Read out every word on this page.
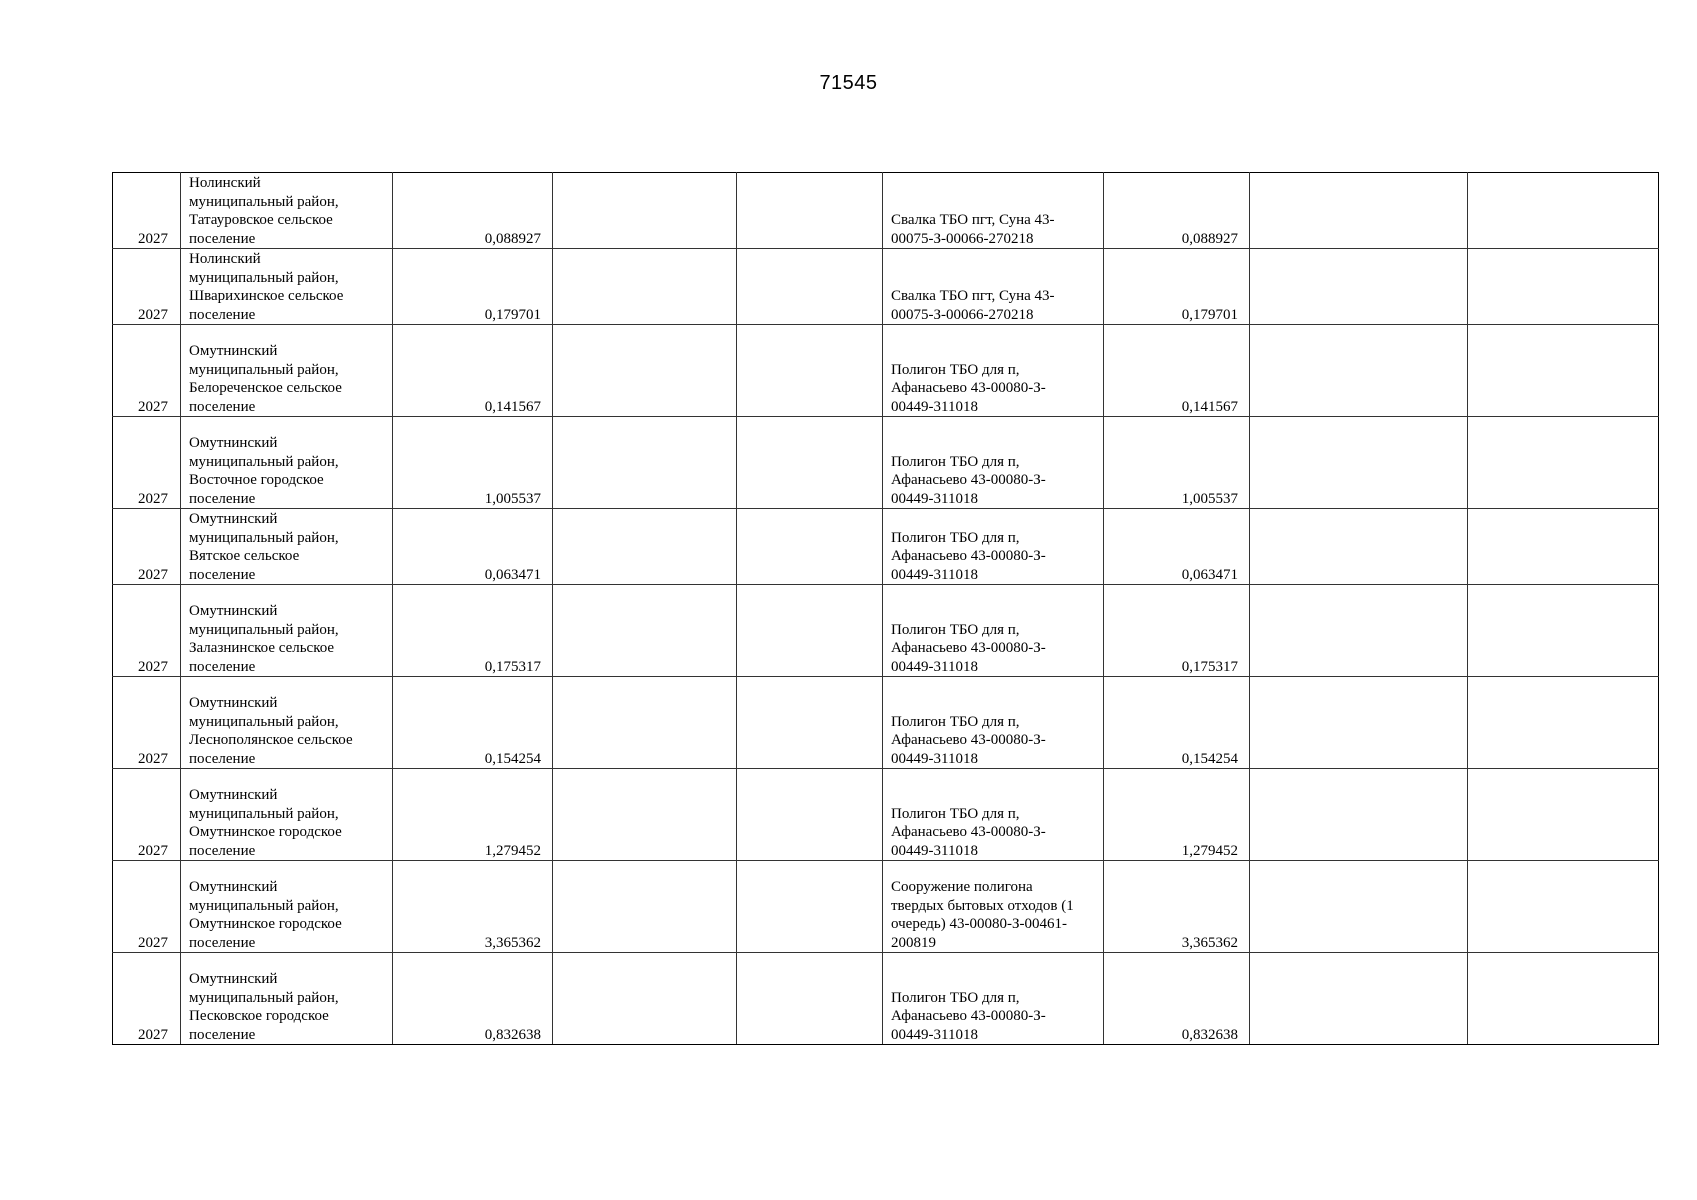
71545
2027	Нолинский
муниципальный район,
Татауровское сельское
поселение	0,088927			Свалка ТБО пгт, Суна 43-
00075-З-00066-270218	0,088927		
2027	Нолинский
муниципальный район,
Шварихинское сельское
поселение	0,179701			Свалка ТБО пгт, Суна 43-
00075-З-00066-270218	0,179701		
2027	Омутнинский
муниципальный район,
Белореченское сельское
поселение	0,141567			Полигон ТБО для п,
Афанасьево 43-00080-З-
00449-311018	0,141567		
2027	Омутнинский
муниципальный район,
Восточное городское
поселение	1,005537			Полигон ТБО для п,
Афанасьево 43-00080-З-
00449-311018	1,005537		
2027	Омутнинский
муниципальный район,
Вятское сельское
поселение	0,063471			Полигон ТБО для п,
Афанасьево 43-00080-З-
00449-311018	0,063471		
2027	Омутнинский
муниципальный район,
Залазнинское сельское
поселение	0,175317			Полигон ТБО для п,
Афанасьево 43-00080-З-
00449-311018	0,175317		
2027	Омутнинский
муниципальный район,
Леснополянское сельское
поселение	0,154254			Полигон ТБО для п,
Афанасьево 43-00080-З-
00449-311018	0,154254		
2027	Омутнинский
муниципальный район,
Омутнинское городское
поселение	1,279452			Полигон ТБО для п,
Афанасьево 43-00080-З-
00449-311018	1,279452		
2027	Омутнинский
муниципальный район,
Омутнинское городское
поселение	3,365362			Сооружение полигона
твердых бытовых отходов (1
очередь) 43-00080-З-00461-
200819	3,365362		
2027	Омутнинский
муниципальный район,
Песковское городское
поселение	0,832638			Полигон ТБО для п,
Афанасьево 43-00080-З-
00449-311018	0,832638		
